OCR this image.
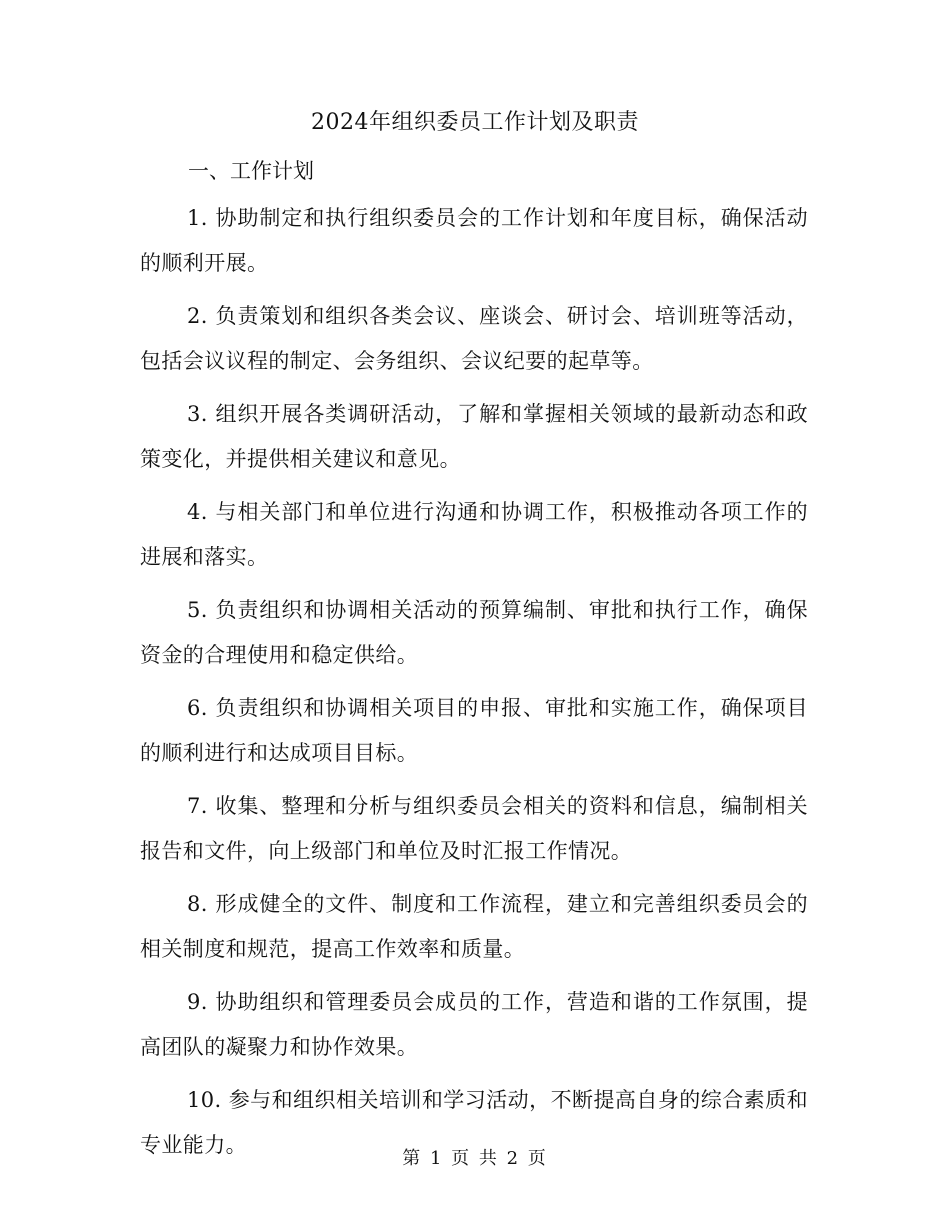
2024年组织委员工作计划及职责
一、工作计划

1. 协助制定和执行组织委员会的工作计划和年度目标，确保活动的顺利开展。

2. 负责策划和组织各类会议、座谈会、研讨会、培训班等活动，包括会议议程的制定、会务组织、会议纪要的起草等。

3. 组织开展各类调研活动，了解和掌握相关领域的最新动态和政策变化，并提供相关建议和意见。

4. 与相关部门和单位进行沟通和协调工作，积极推动各项工作的进展和落实。

5. 负责组织和协调相关活动的预算编制、审批和执行工作，确保资金的合理使用和稳定供给。

6. 负责组织和协调相关项目的申报、审批和实施工作，确保项目的顺利进行和达成项目目标。

7. 收集、整理和分析与组织委员会相关的资料和信息，编制相关报告和文件，向上级部门和单位及时汇报工作情况。

8. 形成健全的文件、制度和工作流程，建立和完善组织委员会的相关制度和规范，提高工作效率和质量。

9. 协助组织和管理委员会成员的工作，营造和谐的工作氛围，提高团队的凝聚力和协作效果。

10. 参与和组织相关培训和学习活动，不断提高自身的综合素质和专业能力。

第 1 页 共 2 页
